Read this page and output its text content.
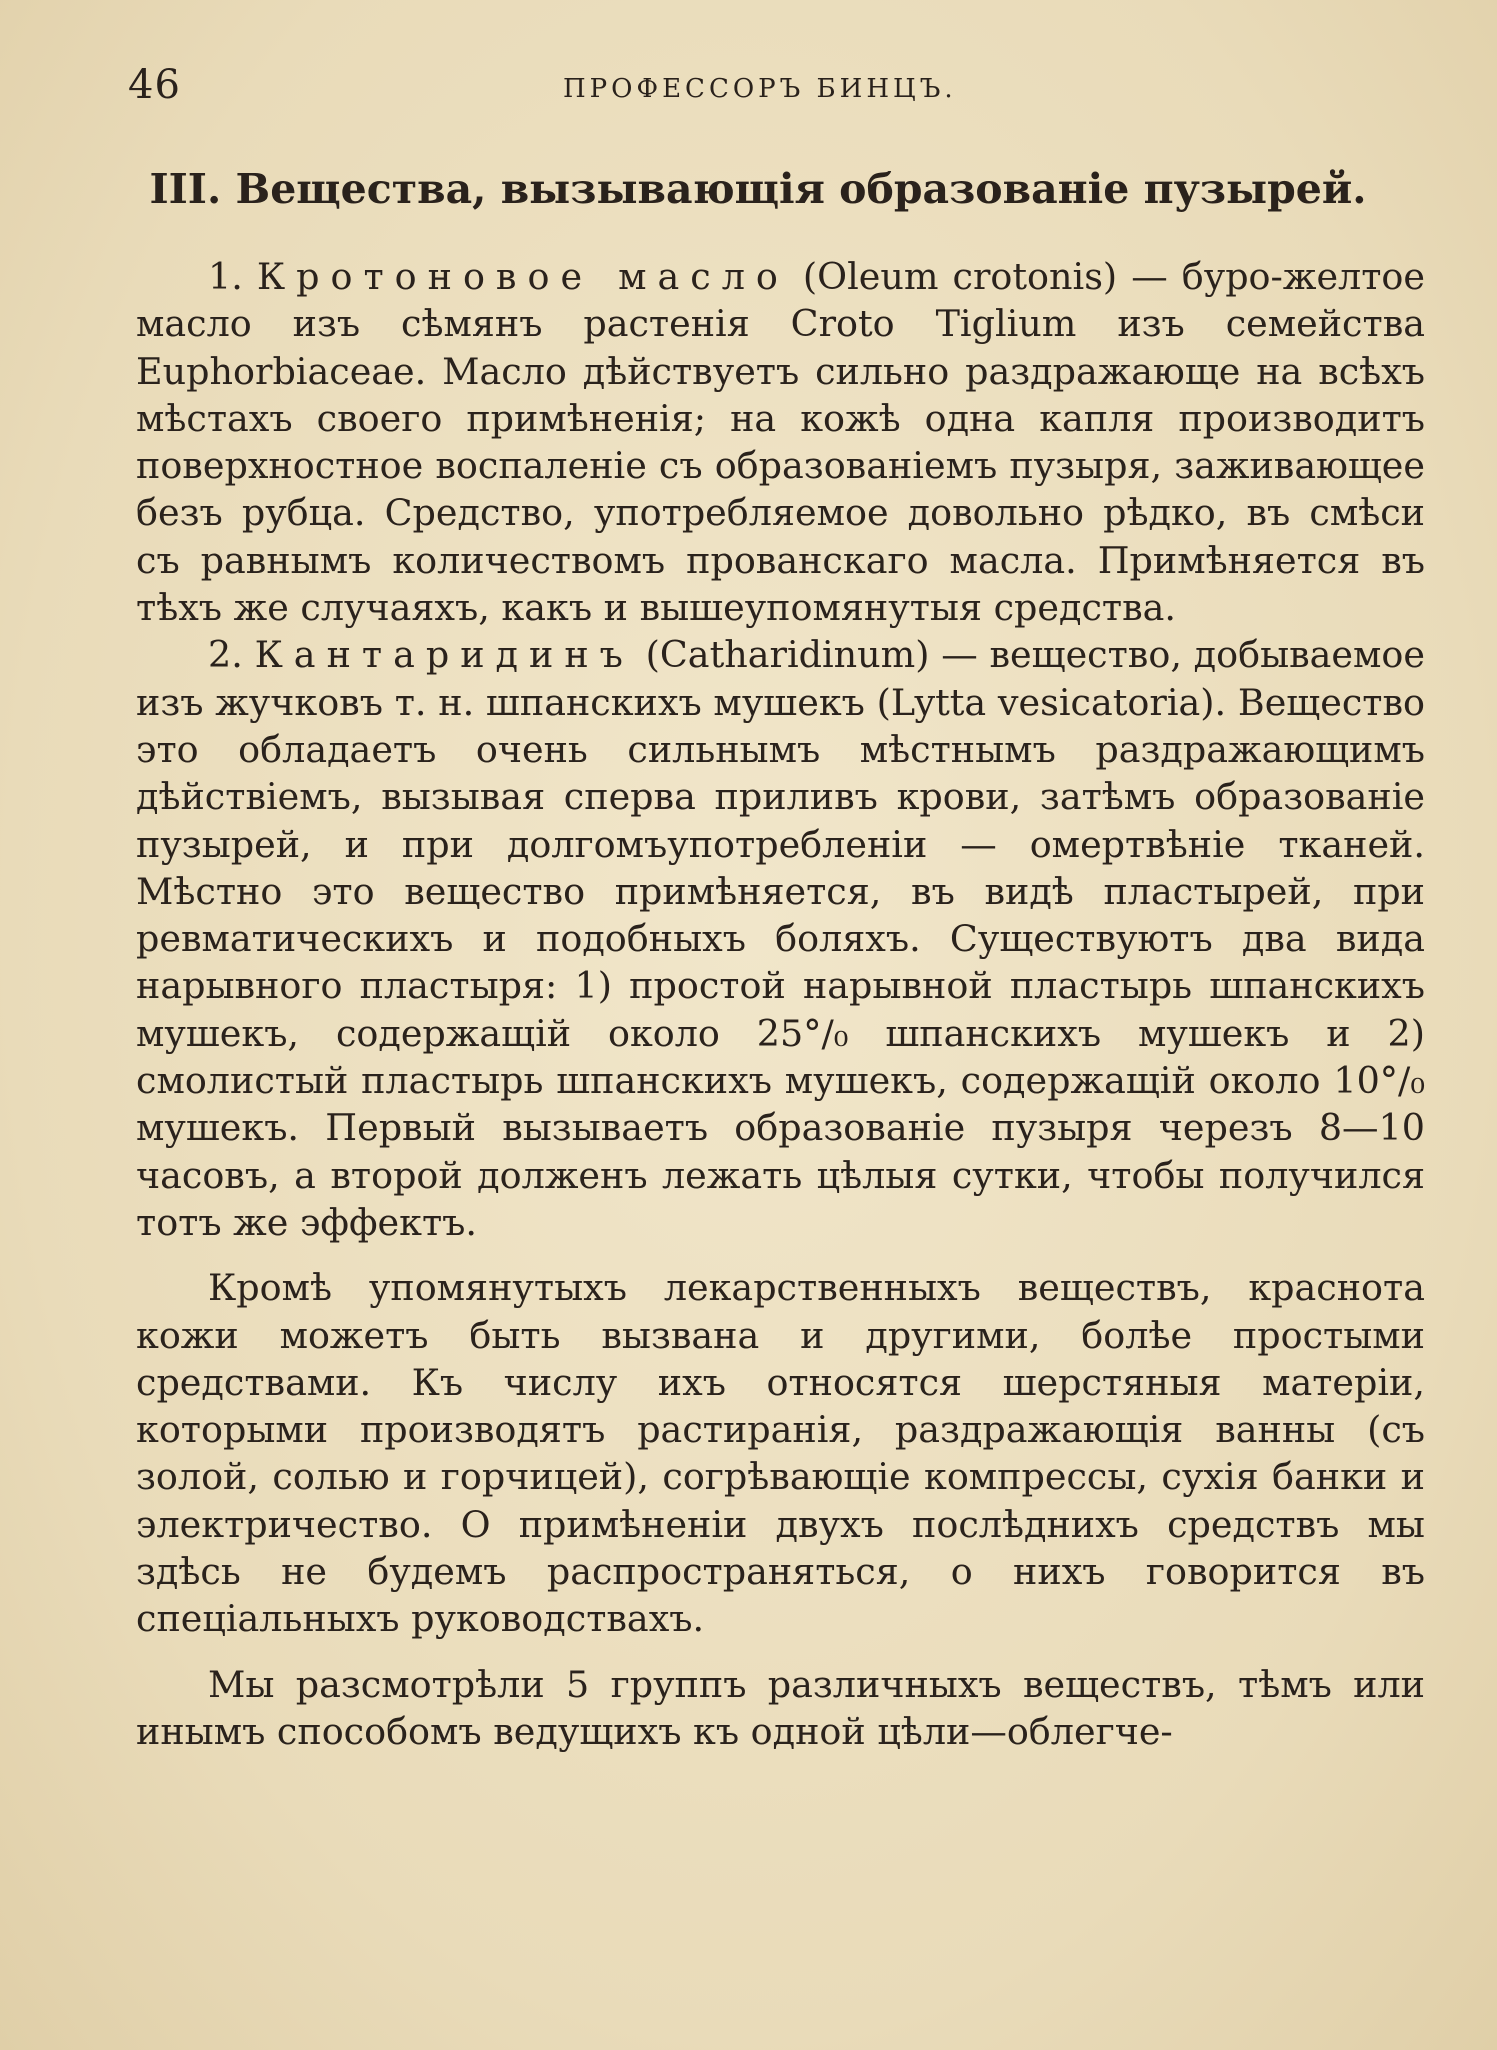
46	ПРОФЕССОРЪ БИНЦЪ.
III. Вещества, вызывающія образованіе пузырей.

1. Кротоновое масло (Oleum crotonis) — буро-желтое масло изъ сѣмянъ растенія Croto Tiglium изъ семейства Euphorbiaceae. Масло дѣйствуетъ сильно раздражающе на всѣхъ мѣстахъ своего примѣненія; на кожѣ одна капля производитъ поверхностное воспаленіе съ образованіемъ пузыря, заживающее безъ рубца. Средство, употребляемое довольно рѣдко, въ смѣси съ равнымъ количествомъ прованскаго масла. Примѣняется въ тѣхъ же случаяхъ, какъ и вышеупомянутыя средства.

2. Кантаридинъ (Catharidinum) — вещество, добываемое изъ жучковъ т. н. шпанскихъ мушекъ (Lytta vesicatoria). Вещество это обладаетъ очень сильнымъ мѣстнымъ раздражающимъ дѣйствіемъ, вызывая сперва приливъ крови, затѣмъ образованіе пузырей, и при долгомъупотребленіи — омертвѣніе тканей. Мѣстно это вещество примѣняется, въ видѣ пластырей, при ревматическихъ и подобныхъ боляхъ. Существуютъ два вида нарывного пластыря: 1) простой нарывной пластырь шпанскихъ мушекъ, содержащій около 25°/₀ шпанскихъ мушекъ и 2) смолистый пластырь шпанскихъ мушекъ, содержащій около 10°/₀ мушекъ. Первый вызываетъ образованіе пузыря черезъ 8—10 часовъ, а второй долженъ лежать цѣлыя сутки, чтобы получился тотъ же эффектъ.

Кромѣ упомянутыхъ лекарственныхъ веществъ, краснота кожи можетъ быть вызвана и другими, болѣе простыми средствами. Къ числу ихъ относятся шерстяныя матеріи, которыми производятъ растиранія, раздражающія ванны (съ золой, солью и горчицей), согрѣвающіе компрессы, сухія банки и электричество. О примѣненіи двухъ послѣднихъ средствъ мы здѣсь не будемъ распространяться, о нихъ говорится въ спеціальныхъ руководствахъ.

Мы разсмотрѣли 5 группъ различныхъ веществъ, тѣмъ или инымъ способомъ ведущихъ къ одной цѣли—облегче-
